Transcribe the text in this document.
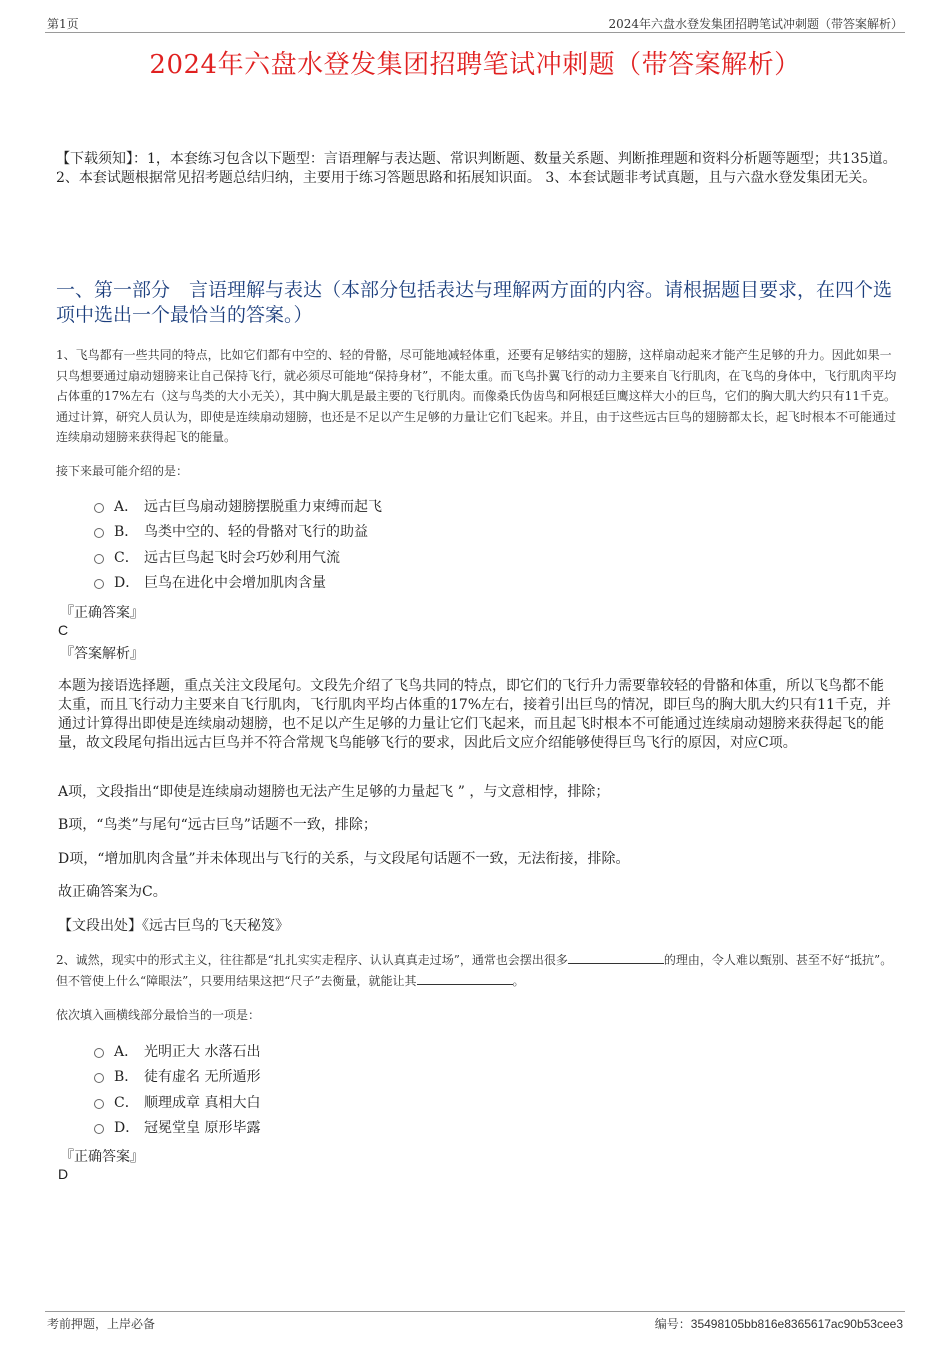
第1页	2024年六盘水登发集团招聘笔试冲刺题（带答案解析）
2024年六盘水登发集团招聘笔试冲刺题（带答案解析）
【下载须知】：1，本套练习包含以下题型：言语理解与表达题、常识判断题、数量关系题、判断推理题和资料分析题等题型；共135道。 2、本套试题根据常见招考题总结归纳，主要用于练习答题思路和拓展知识面。 3、本套试题非考试真题，且与六盘水登发集团无关。
一、第一部分　言语理解与表达（本部分包括表达与理解两方面的内容。请根据题目要求，在四个选项中选出一个最恰当的答案。）
1、飞鸟都有一些共同的特点，比如它们都有中空的、轻的骨骼，尽可能地减轻体重，还要有足够结实的翅膀，这样扇动起来才能产生足够的升力。因此如果一只鸟想要通过扇动翅膀来让自己保持飞行，就必须尽可能地“保持身材”，不能太重。而飞鸟扑翼飞行的动力主要来自飞行肌肉，在飞鸟的身体中，飞行肌肉平均占体重的17%左右（这与鸟类的大小无关），其中胸大肌是最主要的飞行肌肉。而像桑氏伪齿鸟和阿根廷巨鹰这样大小的巨鸟，它们的胸大肌大约只有11千克。通过计算，研究人员认为，即使是连续扇动翅膀，也还是不足以产生足够的力量让它们飞起来。并且，由于这些远古巨鸟的翅膀都太长，起飞时根本不可能通过连续扇动翅膀来获得起飞的能量。
接下来最可能介绍的是：
A． 远古巨鸟扇动翅膀摆脱重力束缚而起飞
B． 鸟类中空的、轻的骨骼对飞行的助益
C． 远古巨鸟起飞时会巧妙利用气流
D． 巨鸟在进化中会增加肌肉含量
『正确答案』
C
『答案解析』
本题为接语选择题，重点关注文段尾句。文段先介绍了飞鸟共同的特点，即它们的飞行升力需要靠较轻的骨骼和体重，所以飞鸟都不能太重，而且飞行动力主要来自飞行肌肉，飞行肌肉平均占体重的17%左右，接着引出巨鸟的情况，即巨鸟的胸大肌大约只有11千克，并通过计算得出即使是连续扇动翅膀，也不足以产生足够的力量让它们飞起来，而且起飞时根本不可能通过连续扇动翅膀来获得起飞的能量，故文段尾句指出远古巨鸟并不符合常规飞鸟能够飞行的要求，因此后文应介绍能够使得巨鸟飞行的原因，对应C项。
A项，文段指出“即使是连续扇动翅膀也无法产生足够的力量起飞 ” ，与文意相悖，排除；
B项，“鸟类”与尾句“远古巨鸟”话题不一致，排除；
D项，“增加肌肉含量”并未体现出与飞行的关系，与文段尾句话题不一致，无法衔接，排除。
故正确答案为C。
【文段出处】《远古巨鸟的飞天秘笈》
2、诚然，现实中的形式主义，往往都是“扎扎实实走程序、认认真真走过场”，通常也会摆出很多	的理由，令人难以甄别、甚至不好“抵抗”。但不管使上什么“障眼法”，只要用结果这把“尺子”去衡量，就能让其	。
依次填入画横线部分最恰当的一项是：
A． 光明正大 水落石出
B． 徒有虚名 无所遁形
C． 顺理成章 真相大白
D． 冠冕堂皇 原形毕露
『正确答案』
D
考前押题，上岸必备	编号：35498105bb816e8365617ac90b53cee3
